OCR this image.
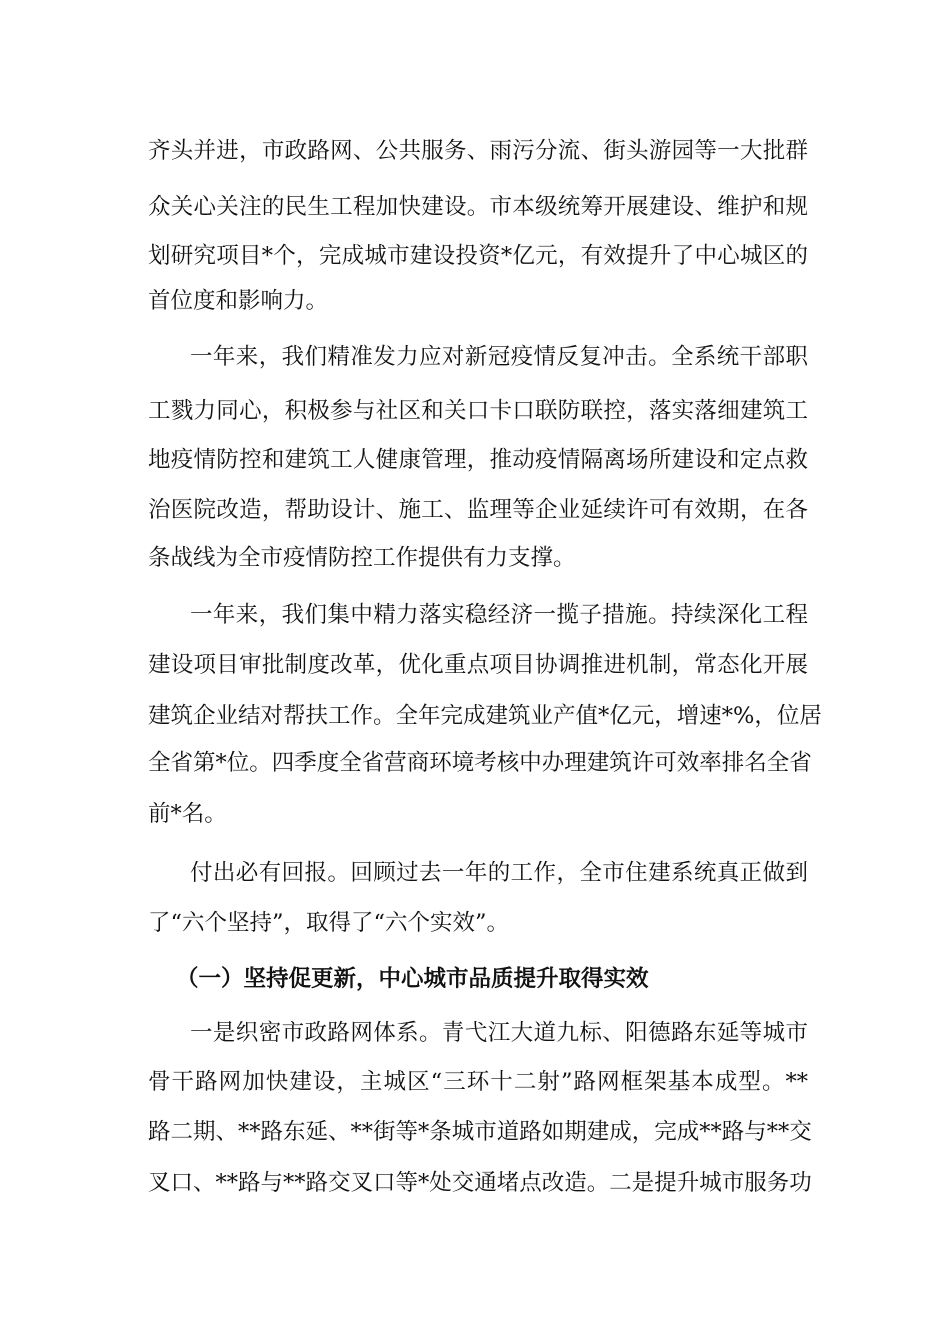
齐头并进，市政路网、公共服务、雨污分流、街头游园等一大批群
众关心关注的民生工程加快建设。市本级统筹开展建设、维护和规
划研究项目*个，完成城市建设投资*亿元，有效提升了中心城区的
首位度和影响力。
一年来，我们精准发力应对新冠疫情反复冲击。全系统干部职
工戮力同心，积极参与社区和关口卡口联防联控，落实落细建筑工
地疫情防控和建筑工人健康管理，推动疫情隔离场所建设和定点救
治医院改造，帮助设计、施工、监理等企业延续许可有效期，在各
条战线为全市疫情防控工作提供有力支撑。
一年来，我们集中精力落实稳经济一揽子措施。持续深化工程
建设项目审批制度改革，优化重点项目协调推进机制，常态化开展
建筑企业结对帮扶工作。全年完成建筑业产值*亿元，增速*%，位居
全省第*位。四季度全省营商环境考核中办理建筑许可效率排名全省
前*名。
付出必有回报。回顾过去一年的工作，全市住建系统真正做到
了“六个坚持”，取得了“六个实效”。
（一）坚持促更新，中心城市品质提升取得实效
一是织密市政路网体系。青弋江大道九标、阳德路东延等城市
骨干路网加快建设，主城区“三环十二射”路网框架基本成型。**
路二期、**路东延、**街等*条城市道路如期建成，完成**路与**交
叉口、**路与**路交叉口等*处交通堵点改造。二是提升城市服务功
